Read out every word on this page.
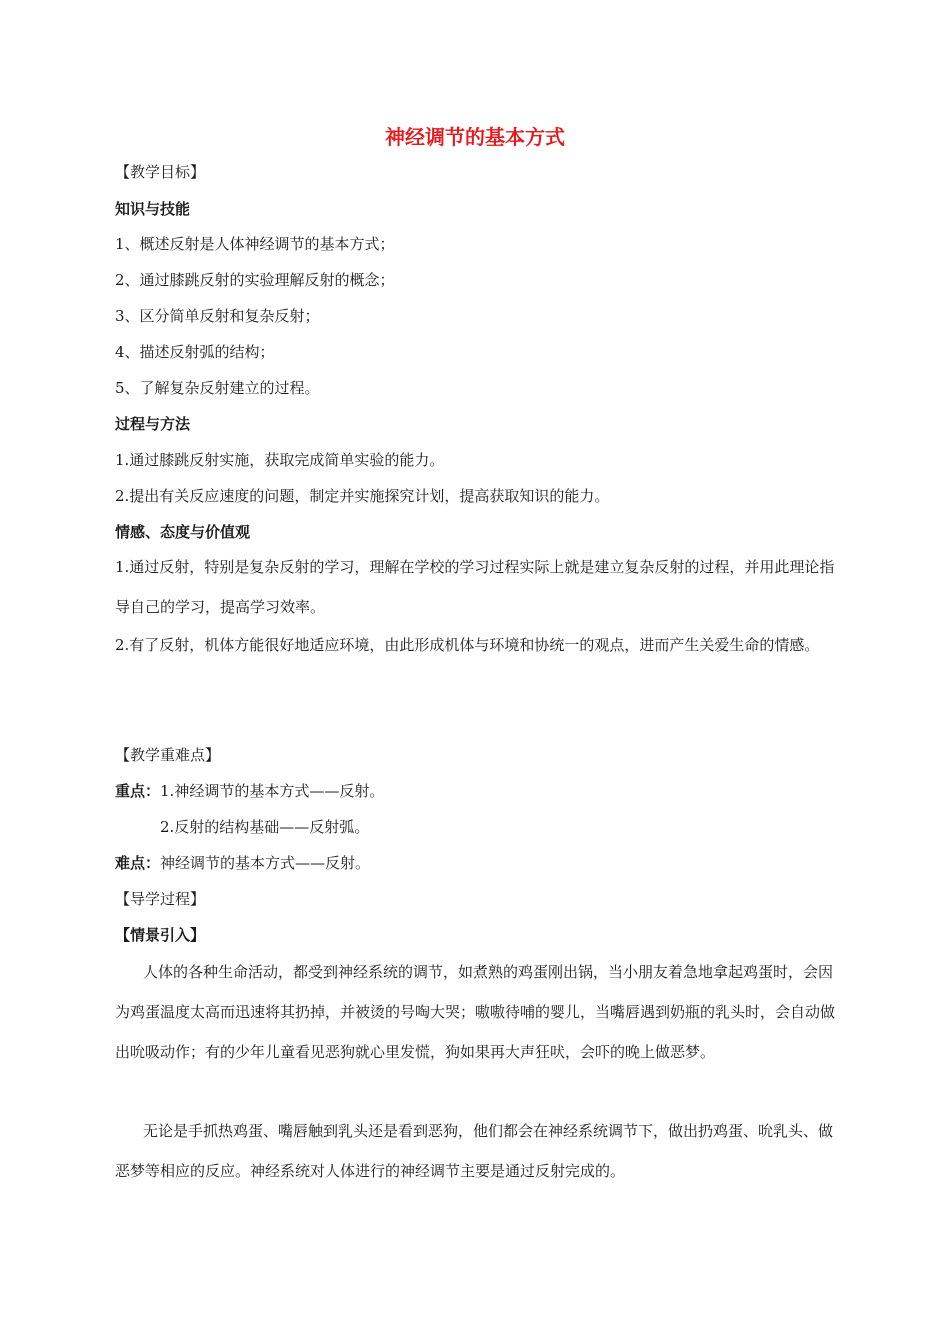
神经调节的基本方式
【教学目标】
知识与技能
1、概述反射是人体神经调节的基本方式；
2、通过膝跳反射的实验理解反射的概念；
3、区分简单反射和复杂反射；
4、描述反射弧的结构；
5、了解复杂反射建立的过程。
过程与方法
1.通过膝跳反射实施，获取完成简单实验的能力。
2.提出有关反应速度的问题，制定并实施探究计划，提高获取知识的能力。
情感、态度与价值观
1.通过反射，特别是复杂反射的学习，理解在学校的学习过程实际上就是建立复杂反射的过程，并用此理论指导自己的学习，提高学习效率。
2.有了反射，机体方能很好地适应环境，由此形成机体与环境和协统一的观点，进而产生关爱生命的情感。
【教学重难点】
重点：1.神经调节的基本方式——反射。
2.反射的结构基础——反射弧。
难点：神经调节的基本方式——反射。
【导学过程】
【情景引入】
人体的各种生命活动，都受到神经系统的调节，如煮熟的鸡蛋刚出锅，当小朋友着急地拿起鸡蛋时，会因为鸡蛋温度太高而迅速将其扔掉，并被烫的号啕大哭；嗷嗷待哺的婴儿，当嘴唇遇到奶瓶的乳头时，会自动做出吮吸动作；有的少年儿童看见恶狗就心里发慌，狗如果再大声狂吠，会吓的晚上做恶梦。
无论是手抓热鸡蛋、嘴唇触到乳头还是看到恶狗，他们都会在神经系统调节下，做出扔鸡蛋、吮乳头、做恶梦等相应的反应。神经系统对人体进行的神经调节主要是通过反射完成的。
